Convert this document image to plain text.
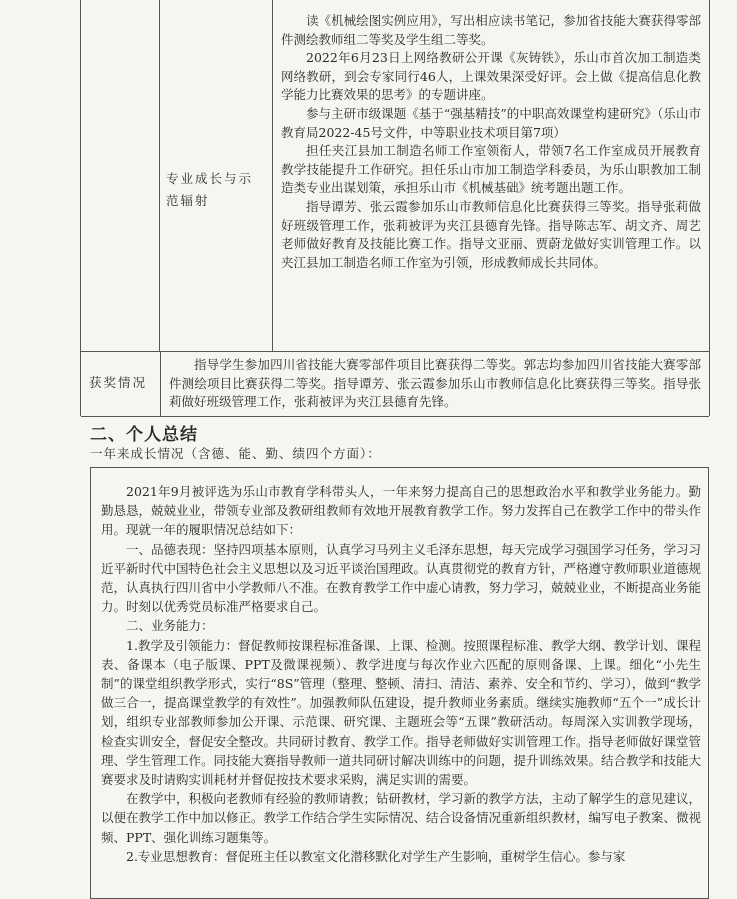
专业成长与示范辐射

读《机械绘图实例应用》，写出相应读书笔记，参加省技能大赛获得零部件测绘教师组二等奖及学生组二等奖。

2022年6月23日上网络教研公开课《灰铸铁》，乐山市首次加工制造类网络教研，到会专家同行46人，上课效果深受好评。会上做《提高信息化教学能力比赛效果的思考》的专题讲座。

参与主研市级课题《基于“强基精技”的中职高效课堂构建研究》（乐山市教育局2022-45号文件，中等职业技术项目第7项）

担任夹江县加工制造名师工作室领衔人，带领7名工作室成员开展教育教学技能提升工作研究。担任乐山市加工制造学科委员，为乐山职教加工制造类专业出谋划策，承担乐山市《机械基础》统考题出题工作。

指导谭芳、张云霞参加乐山市教师信息化比赛获得三等奖。指导张莉做好班级管理工作，张莉被评为夹江县德育先锋。指导陈志军、胡文齐、周艺老师做好教育及技能比赛工作。指导文亚丽、贾蔚龙做好实训管理工作。以夹江县加工制造名师工作室为引领，形成教师成长共同体。

获奖情况

指导学生参加四川省技能大赛零部件项目比赛获得二等奖。郭志均参加四川省技能大赛零部件测绘项目比赛获得二等奖。指导谭芳、张云霞参加乐山市教师信息化比赛获得三等奖。指导张莉做好班级管理工作，张莉被评为夹江县德育先锋。

二、个人总结
一年来成长情况（含德、能、勤、绩四个方面）：

2021年9月被评选为乐山市教育学科带头人，一年来努力提高自己的思想政治水平和教学业务能力。勤勤恳恳，兢兢业业，带领专业部及教研组教师有效地开展教育教学工作。努力发挥自己在教学工作中的带头作用。现就一年的履职情况总结如下：

一、品德表现：坚持四项基本原则，认真学习马列主义毛泽东思想，每天完成学习强国学习任务，学习习近平新时代中国特色社会主义思想以及习近平谈治国理政。认真贯彻党的教育方针，严格遵守教师职业道德规范，认真执行四川省中小学教师八不准。在教育教学工作中虚心请教，努力学习，兢兢业业，不断提高业务能力。时刻以优秀党员标准严格要求自己。

二、业务能力：

1.教学及引领能力：督促教师按课程标准备课、上课、检测。按照课程标准、教学大纲、教学计划、课程表、备课本（电子版课、PPT及微课视频）、教学进度与每次作业六匹配的原则备课、上课。细化“小先生制”的课堂组织教学形式，实行“8S”管理（整理、整顿、清扫、清洁、素养、安全和节约、学习），做到“教学做三合一，提高课堂教学的有效性”。加强教师队伍建设，提升教师业务素质。继续实施教师“五个一”成长计划，组织专业部教师参加公开课、示范课、研究课、主题班会等“五课”教研活动。每周深入实训教学现场，检查实训安全，督促安全整改。共同研讨教育、教学工作。指导老师做好实训管理工作。指导老师做好课堂管理、学生管理工作。同技能大赛指导教师一道共同研讨解决训练中的问题，提升训练效果。结合教学和技能大赛要求及时请购实训耗材并督促按技术要求采购，满足实训的需要。

在教学中，积极向老教师有经验的教师请教；钻研教材，学习新的教学方法，主动了解学生的意见建议，以便在教学工作中加以修正。教学工作结合学生实际情况、结合设备情况重新组织教材，编写电子教案、微视频、PPT、强化训练习题集等。

2.专业思想教育：督促班主任以教室文化潜移默化对学生产生影响，重树学生信心。参与家
